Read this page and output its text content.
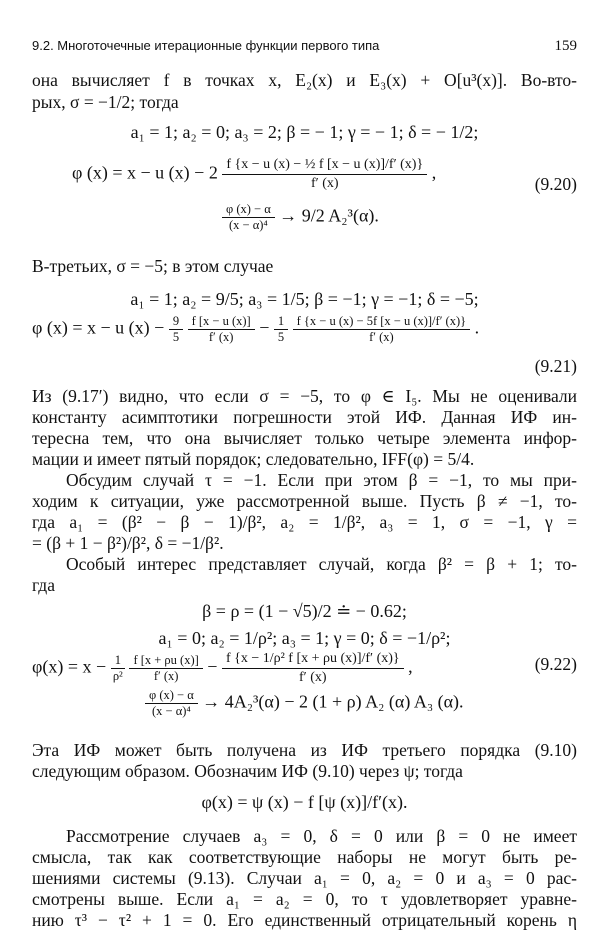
9.2. Многоточечные итерационные функции первого типа	159
она вычисляет f в точках x, E₂(x) и E₃(x) + O[u³(x)]. Во-вто-
рых, σ = −1/2; тогда
a₁ = 1; a₂ = 0; a₃ = 2; β = − 1; γ = − 1; δ = − 1/2;
φ (x) = x − u $(x) - 2 \frac{\text{f \{x − u (x) − ½ f [x − u (x)]/f′ (x)\}}}{f' (x)}$ ,
(9.20)
$\frac{\varphi (x) - \alpha}{\text{(x − α)⁴}} \to 9/2$ A₂³(α).
В-третьих, σ = −5; в этом случае
a₁ = 1; a₂ = 9/5; a₃ = 1/5; β = −1; γ = −1; δ = −5;
φ (x) = x − u $(x) - \frac{9}{5}$
$\frac{f [x - u (x)]}{f' (x)} - \frac{1}{5}$
$\frac{f \{x - u (x) - 5f [x - u (x)]/f' (x)\}}{f' (x)}$ .
(9.21)
Из (9.17′) видно, что если σ = −5, то φ ∈ I₅. Мы не оценивали
константу асимптотики погрешности этой ИФ. Данная ИФ ин-
тересна тем, что она вычисляет только четыре элемента инфор-
мации и имеет пятый порядок; следовательно, IFF(φ) = 5/4.
Обсудим случай τ = −1. Если при этом β = −1, то мы при-
ходим к ситуации, уже рассмотренной выше. Пусть β ≠ −1, то-
гда a₁ = (β² − β − 1)/β², a₂ = 1/β², a₃ = 1, σ = −1, γ =
= (β + 1 − β²)/β², δ = −1/β².
Особый интерес представляет случай, когда β² = β + 1; то-
гда
β = ρ = (1 − √5)/2 ≐ − 0.62;
a₁ = 0; a₂ = 1/ρ²; a₃ = 1; γ = 0; δ = −1/ρ²;
$\varphi(x) = x - \frac{1}{\text{ρ²}}$
$\frac{f [x + \rho u (x)]}{f' (x)} - \frac{\text{f \{x − 1/ρ² f [x + ρu (x)]/f′ (x)\}}}{f' (x)}$ ,	(9.22)
$\frac{\varphi (x) - \alpha}{\text{(x − α)⁴}} \to 4A_2^3(\alpha) - 2$ (1 + ρ) A₂ (α) A₃ (α).
Эта ИФ может быть получена из ИФ третьего порядка (9.10)
следующим образом. Обозначим ИФ (9.10) через ψ; тогда
φ(x) = ψ (x) − f [ψ (x)]/f′(x).
Рассмотрение случаев a₃ = 0, δ = 0 или β = 0 не имеет
смысла, так как соответствующие наборы не могут быть ре-
шениями системы (9.13). Случаи a₁ = 0, a₂ = 0 и a₃ = 0 рас-
смотрены выше. Если a₁ = a₂ = 0, то τ удовлетворяет уравне-
нию τ³ − τ² + 1 = 0. Его единственный отрицательный корень η
